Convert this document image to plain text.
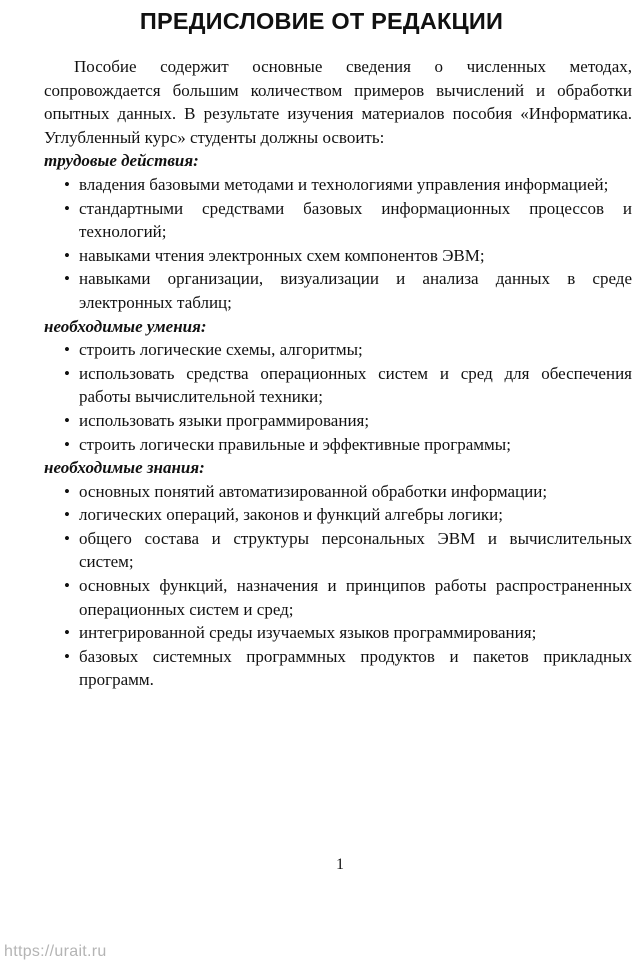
ПРЕДИСЛОВИЕ ОТ РЕДАКЦИИ

Пособие содержит основные сведения о численных методах, сопровождается большим количеством примеров вычислений и обработки опытных данных. В результате изучения материалов пособия «Информатика. Углубленный курс» студенты должны освоить:

трудовые действия:

• владения базовыми методами и технологиями управления информацией;
• стандартными средствами базовых информационных процессов и технологий;
• навыками чтения электронных схем компонентов ЭВМ;
• навыками организации, визуализации и анализа данных в среде электронных таблиц;

необходимые умения:

• строить логические схемы, алгоритмы;
• использовать средства операционных систем и сред для обеспечения работы вычислительной техники;
• использовать языки программирования;
• строить логически правильные и эффективные программы;

необходимые знания:

• основных понятий автоматизированной обработки информации;
• логических операций, законов и функций алгебры логики;
• общего состава и структуры персональных ЭВМ и вычислительных систем;
• основных функций, назначения и принципов работы распространенных операционных систем и сред;
• интегрированной среды изучаемых языков программирования;
• базовых системных программных продуктов и пакетов прикладных программ.
1
https://urait.ru
